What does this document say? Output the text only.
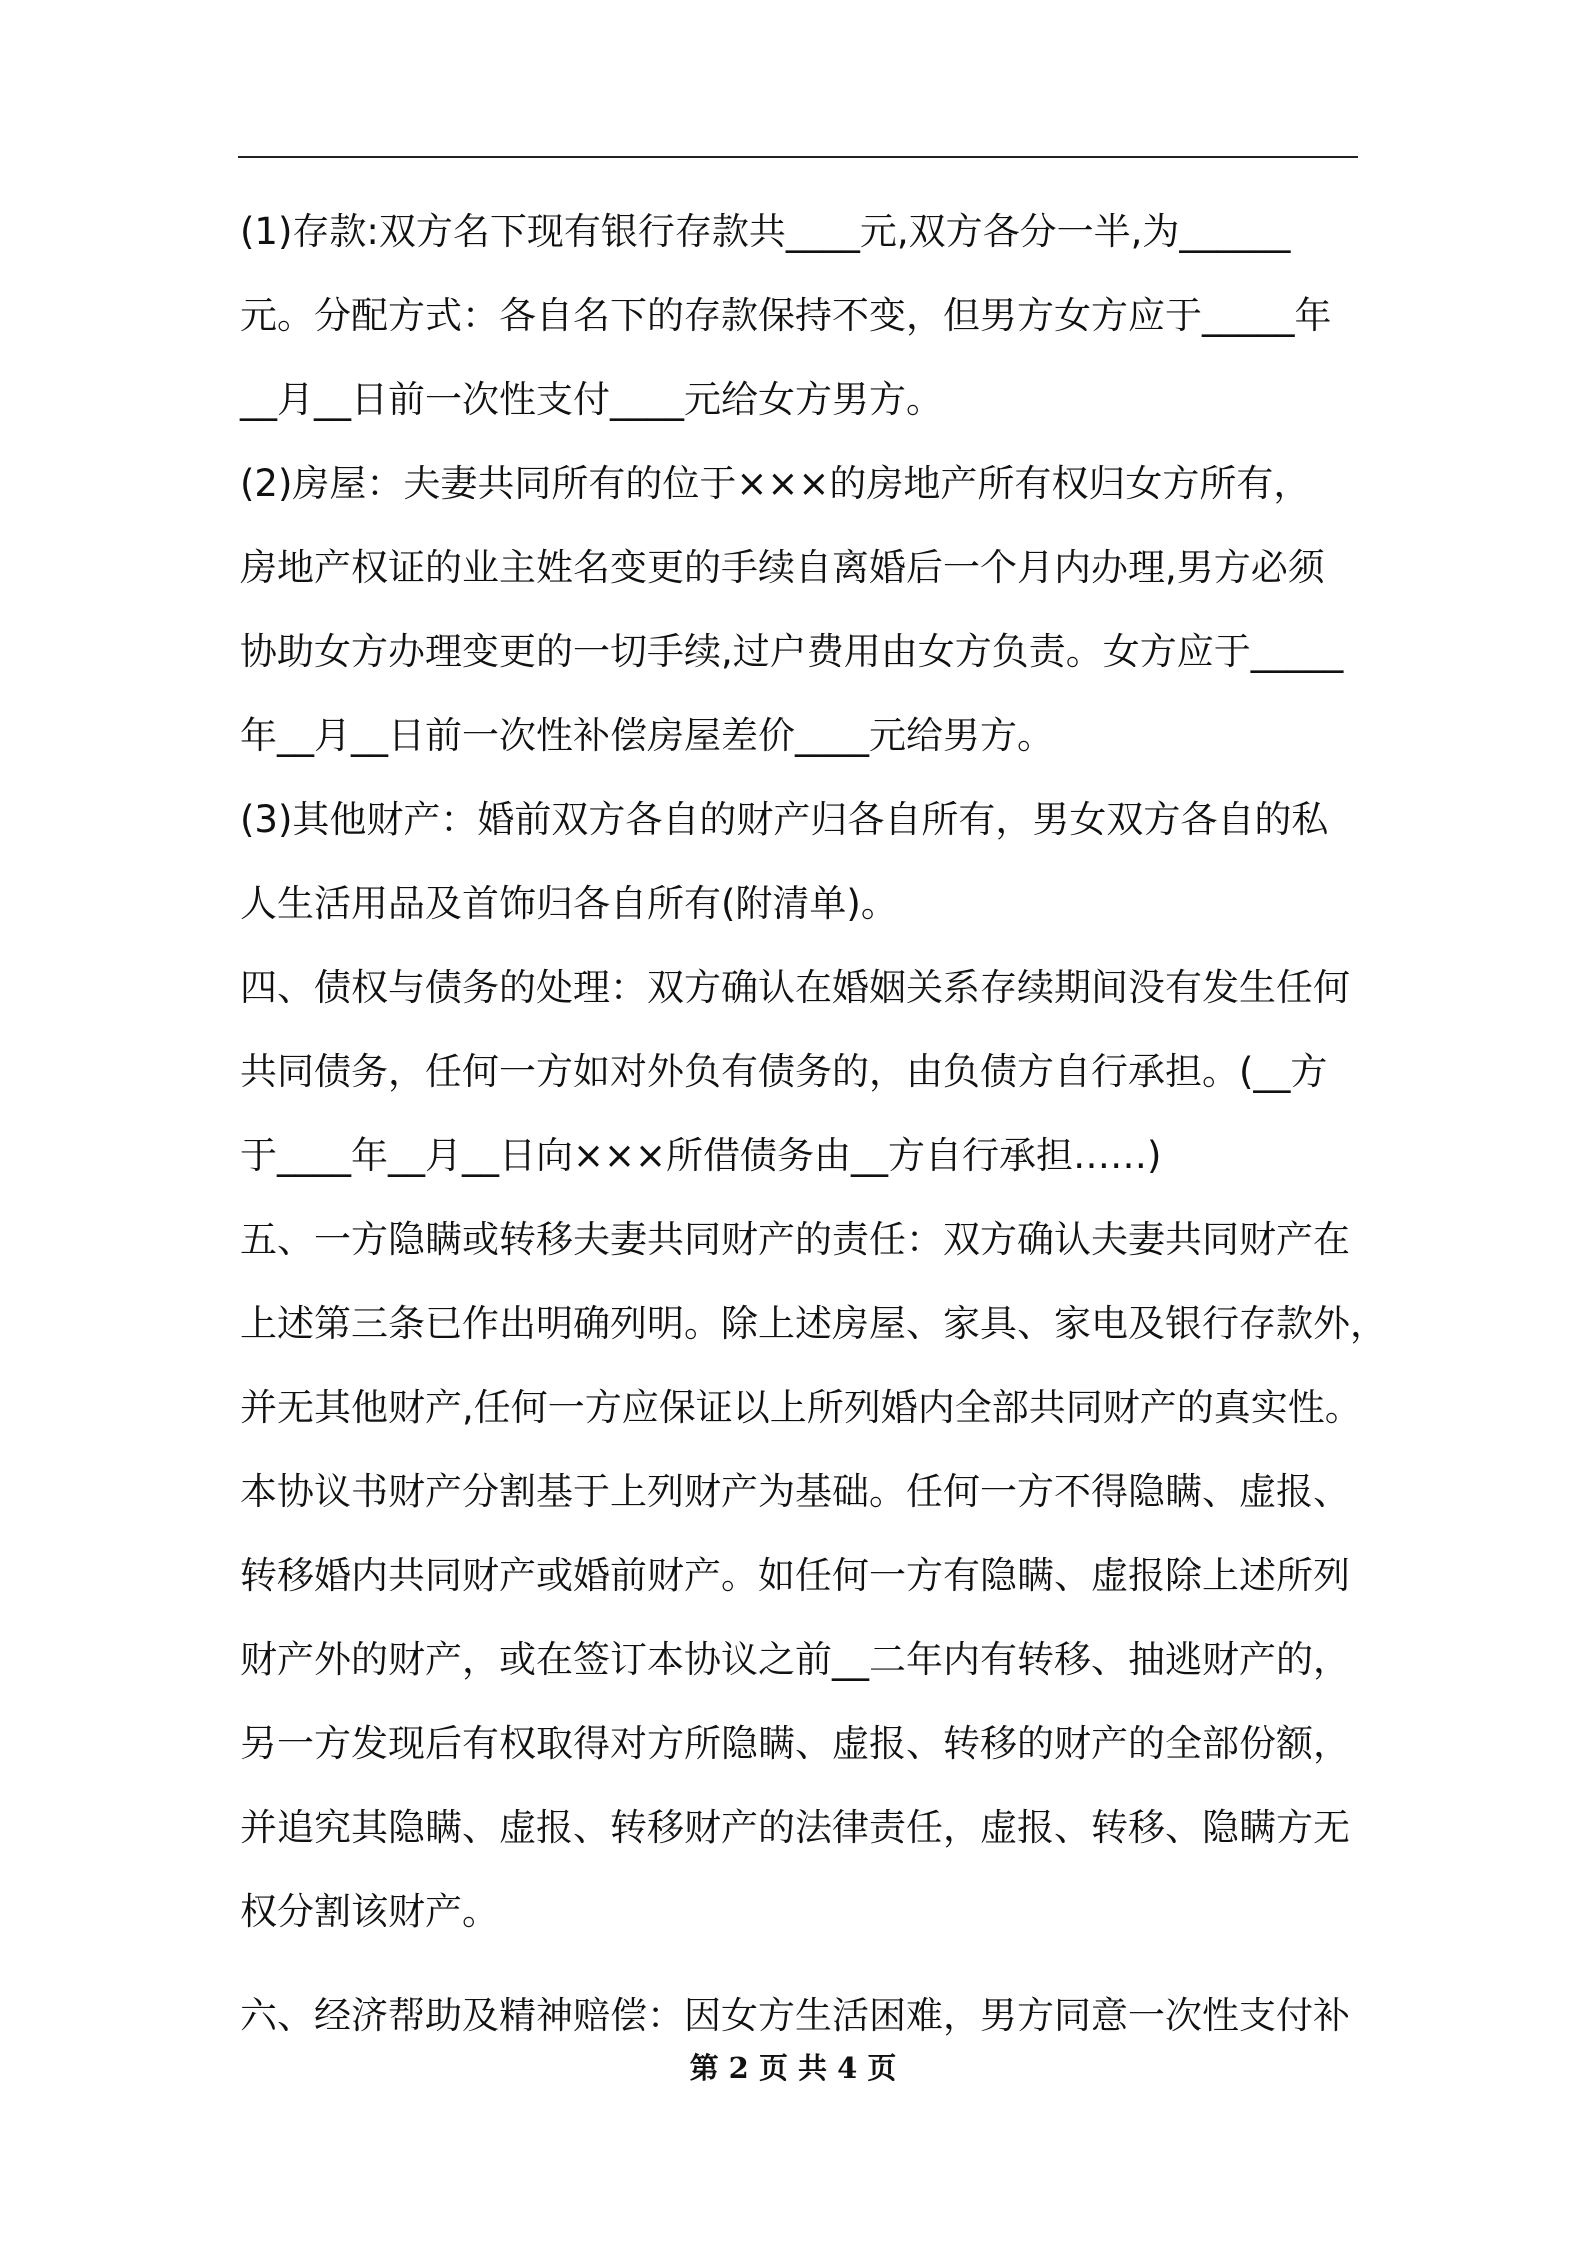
(1)存款:双方名下现有银行存款共____元,双方各分一半,为______
元。分配方式：各自名下的存款保持不变，但男方女方应于_____年
__月__日前一次性支付____元给女方男方。
(2)房屋：夫妻共同所有的位于×××的房地产所有权归女方所有，
房地产权证的业主姓名变更的手续自离婚后一个月内办理,男方必须
协助女方办理变更的一切手续,过户费用由女方负责。女方应于_____
年__月__日前一次性补偿房屋差价____元给男方。
(3)其他财产：婚前双方各自的财产归各自所有，男女双方各自的私
人生活用品及首饰归各自所有(附清单)。
四、债权与债务的处理：双方确认在婚姻关系存续期间没有发生任何
共同债务，任何一方如对外负有债务的，由负债方自行承担。(__方
于____年__月__日向×××所借债务由__方自行承担……)
五、一方隐瞒或转移夫妻共同财产的责任：双方确认夫妻共同财产在
上述第三条已作出明确列明。除上述房屋、家具、家电及银行存款外，
并无其他财产,任何一方应保证以上所列婚内全部共同财产的真实性。
本协议书财产分割基于上列财产为基础。任何一方不得隐瞒、虚报、
转移婚内共同财产或婚前财产。如任何一方有隐瞒、虚报除上述所列
财产外的财产，或在签订本协议之前__二年内有转移、抽逃财产的，
另一方发现后有权取得对方所隐瞒、虚报、转移的财产的全部份额，
并追究其隐瞒、虚报、转移财产的法律责任，虚报、转移、隐瞒方无
权分割该财产。
六、经济帮助及精神赔偿：因女方生活困难，男方同意一次性支付补
第 2 页 共 4 页
